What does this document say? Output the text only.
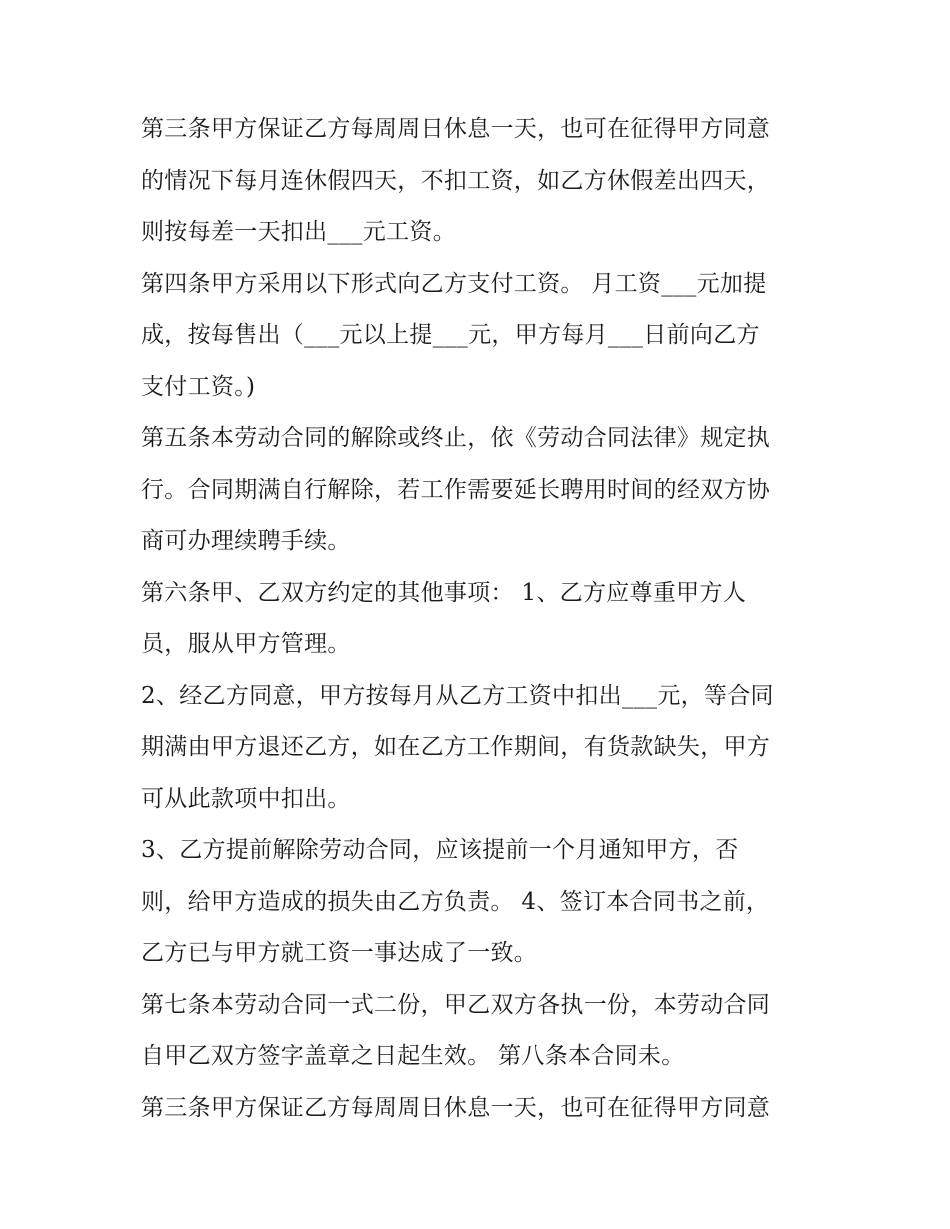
第三条甲方保证乙方每周周日休息一天，也可在征得甲方同意
的情况下每月连休假四天，不扣工资，如乙方休假差出四天，
则按每差一天扣出___元工资。
第四条甲方采用以下形式向乙方支付工资。 月工资___元加提
成，按每售出（___元以上提___元，甲方每月___日前向乙方
支付工资。)
第五条本劳动合同的解除或终止，依《劳动合同法律》规定执
行。合同期满自行解除，若工作需要延长聘用时间的经双方协
商可办理续聘手续。
第六条甲、乙双方约定的其他事项： 1、乙方应尊重甲方人
员，服从甲方管理。
2、经乙方同意，甲方按每月从乙方工资中扣出___元，等合同
期满由甲方退还乙方，如在乙方工作期间，有货款缺失，甲方
可从此款项中扣出。
3、乙方提前解除劳动合同，应该提前一个月通知甲方，否
则，给甲方造成的损失由乙方负责。 4、签订本合同书之前，
乙方已与甲方就工资一事达成了一致。
第七条本劳动合同一式二份，甲乙双方各执一份，本劳动合同
自甲乙双方签字盖章之日起生效。 第八条本合同未。
第三条甲方保证乙方每周周日休息一天，也可在征得甲方同意
